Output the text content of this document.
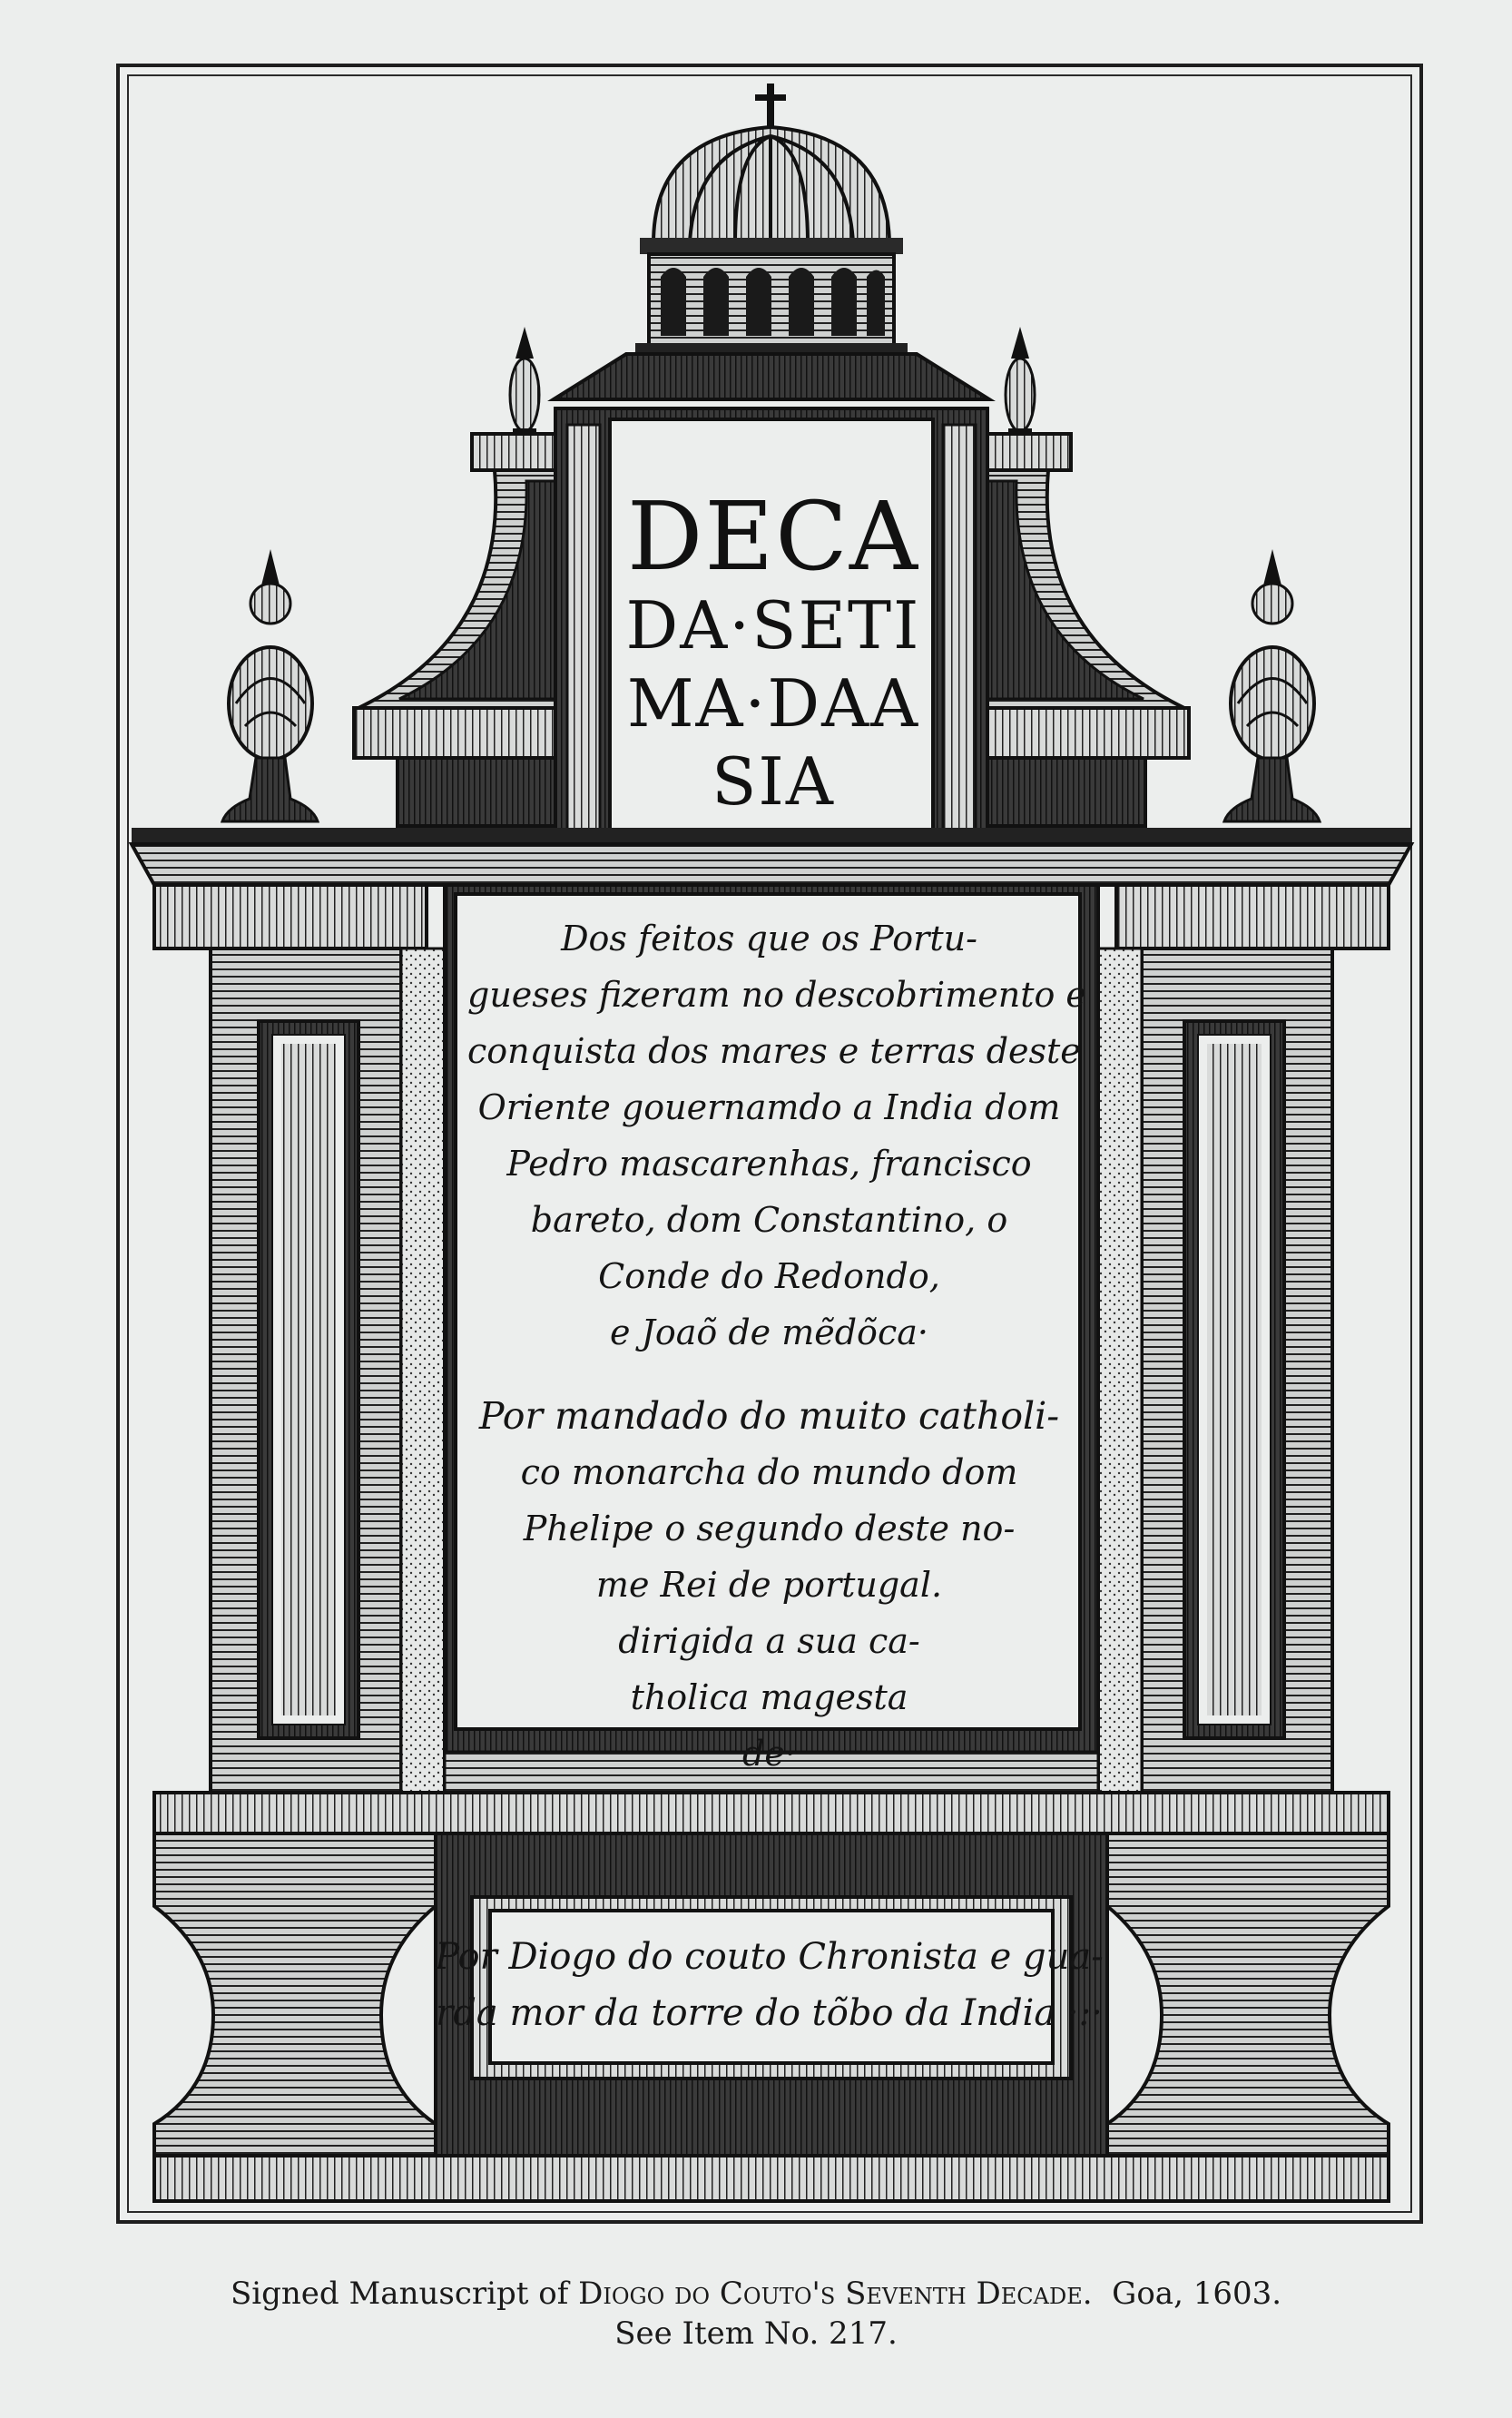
DECA
DA·SETI
MA·DAA
SIA
Dos feitos que os Portu-
gueses fizeram no descobrimento e
conquista dos mares e terras deste
Oriente gouernamdo a India dom
Pedro mascarenhas, francisco
bareto, dom Constantino, o
Conde do Redondo,
e Joaõ de mẽdõca·
Por mandado do muito catholi-
co monarcha do mundo dom
Phelipe o segundo deste no-
me Rei de portugal.
dirigida a sua ca-
tholica magesta
de·
Por Diogo do couto Chronista e gua-
rda mor da torre do tõbo da India ·:·
Signed Manuscript of Diogo do Couto's Seventh Decade. Goa, 1603.
See Item No. 217.
